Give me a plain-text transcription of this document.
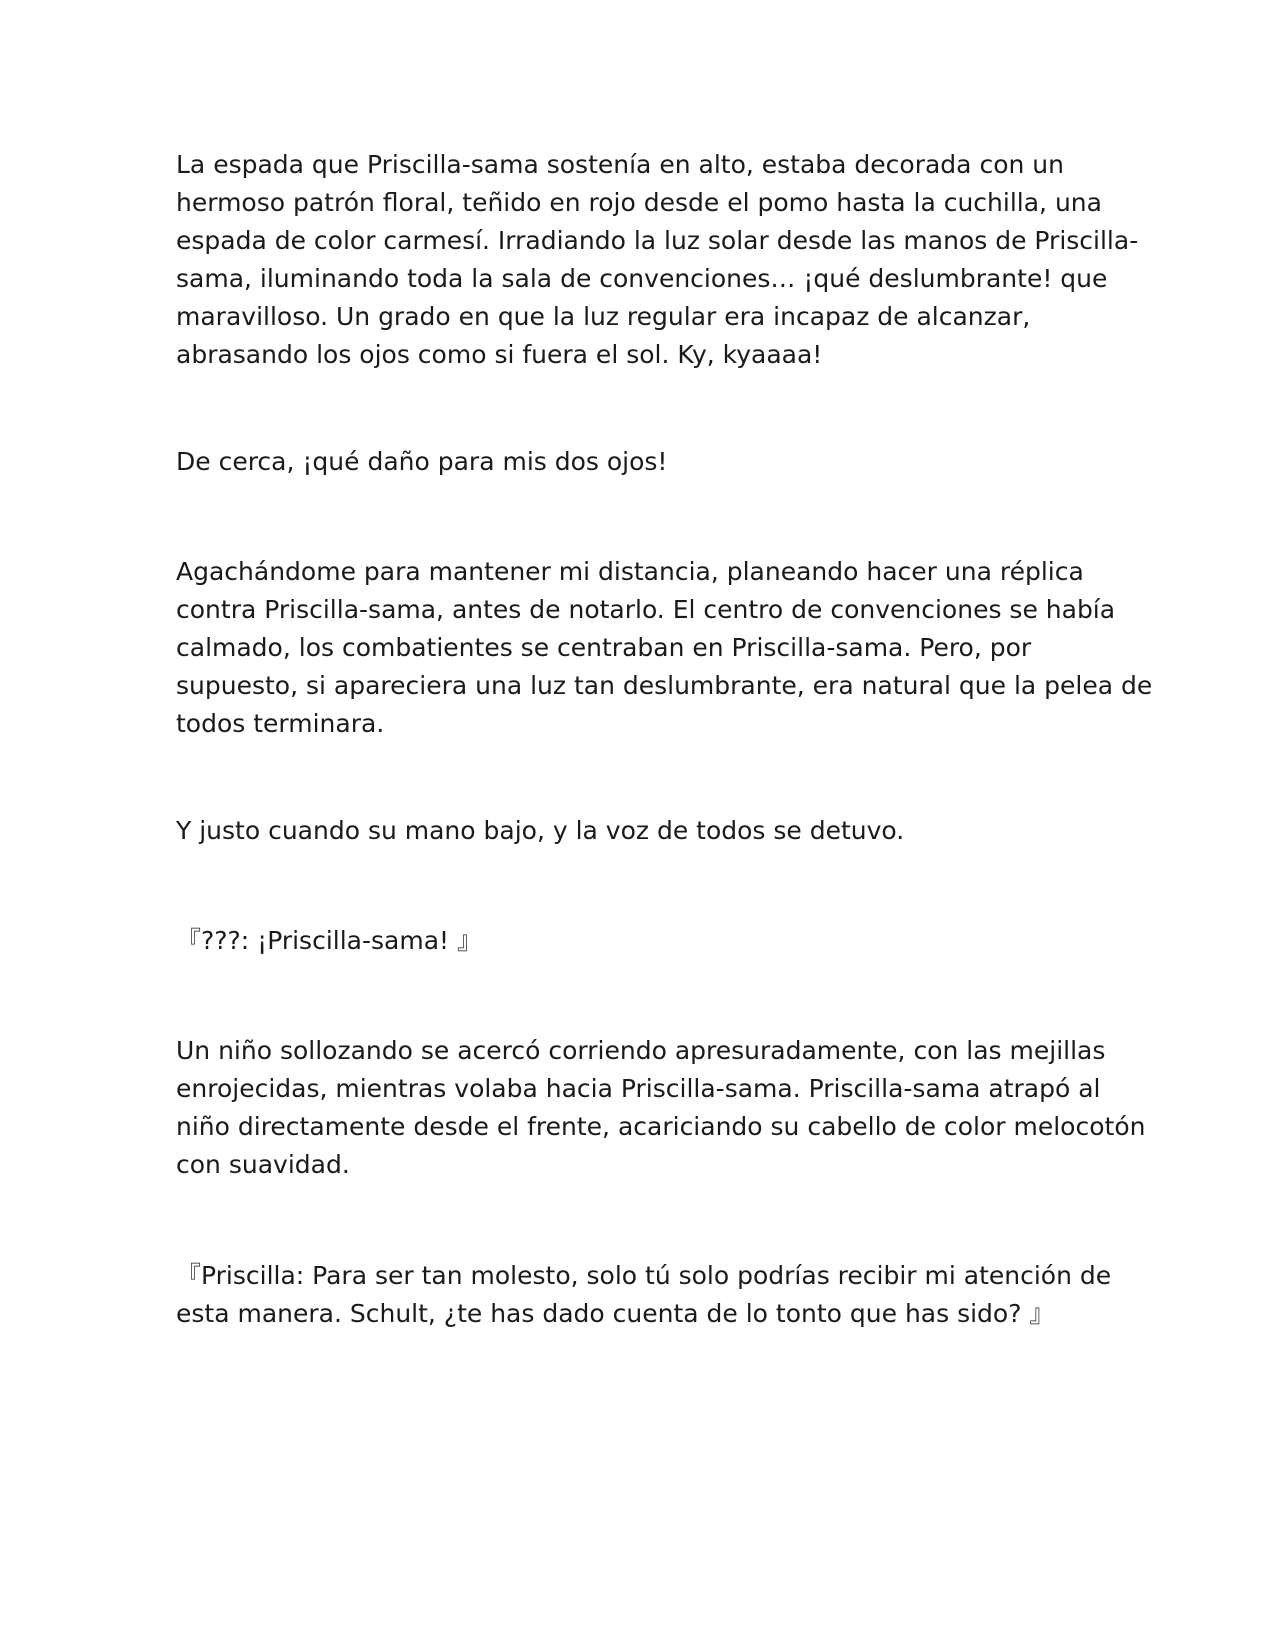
La espada que Priscilla-sama sostenía en alto, estaba decorada con un
hermoso patrón floral, teñido en rojo desde el pomo hasta la cuchilla, una
espada de color carmesí. Irradiando la luz solar desde las manos de Priscilla-
sama, iluminando toda la sala de convenciones… ¡qué deslumbrante! que
maravilloso. Un grado en que la luz regular era incapaz de alcanzar,
abrasando los ojos como si fuera el sol. Ky, kyaaaa!
De cerca, ¡qué daño para mis dos ojos!
Agachándome para mantener mi distancia, planeando hacer una réplica
contra Priscilla-sama, antes de notarlo. El centro de convenciones se había
calmado, los combatientes se centraban en Priscilla-sama. Pero, por
supuesto, si apareciera una luz tan deslumbrante, era natural que la pelea de
todos terminara.
Y justo cuando su mano bajo, y la voz de todos se detuvo.
『???: ¡Priscilla-sama! 』
Un niño sollozando se acercó corriendo apresuradamente, con las mejillas
enrojecidas, mientras volaba hacia Priscilla-sama. Priscilla-sama atrapó al
niño directamente desde el frente, acariciando su cabello de color melocotón
con suavidad.
『Priscilla: Para ser tan molesto, solo tú solo podrías recibir mi atención de
esta manera. Schult, ¿te has dado cuenta de lo tonto que has sido? 』
